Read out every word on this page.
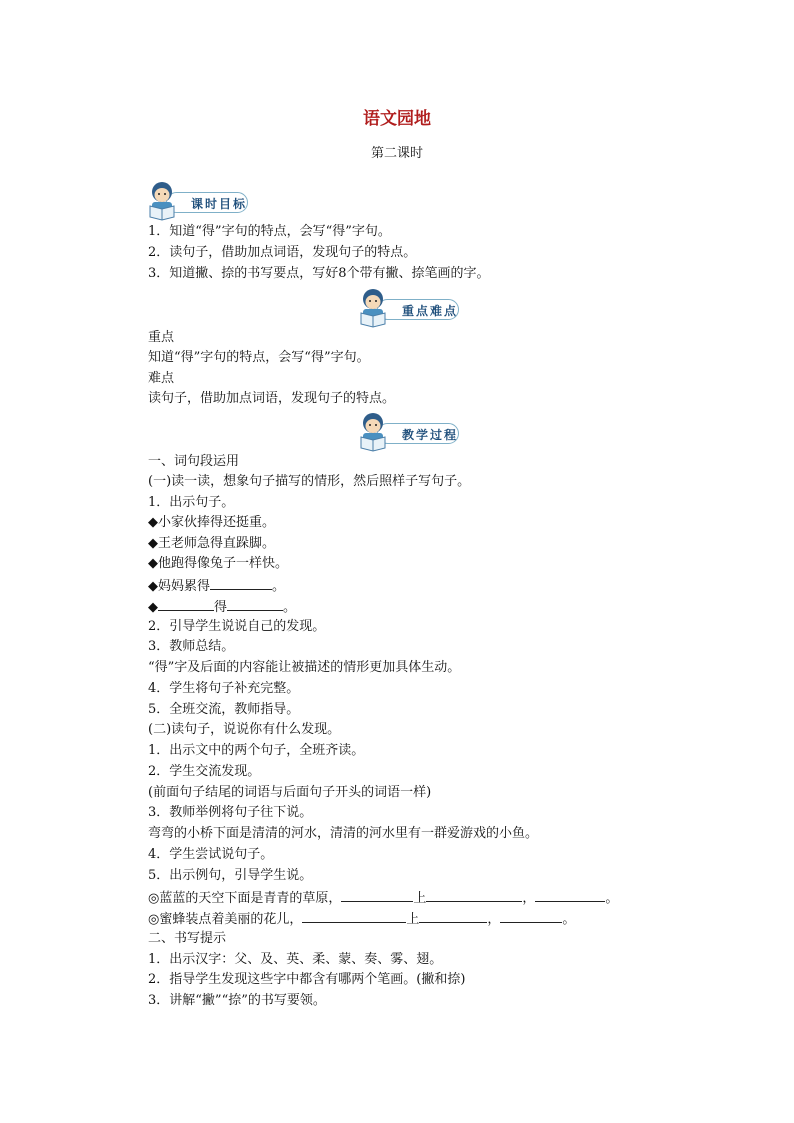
语文园地
第二课时
课时目标
1．知道“得”字句的特点，会写“得”字句。
2．读句子，借助加点词语，发现句子的特点。
3．知道撇、捺的书写要点，写好8个带有撇、捺笔画的字。
重点难点
重点
知道“得”字句的特点，会写“得”字句。
难点
读句子，借助加点词语，发现句子的特点。
教学过程
一、词句段运用
(一)读一读，想象句子描写的情形，然后照样子写句子。
1．出示句子。
◆小家伙捧得还挺重。
◆王老师急得直跺脚。
◆他跑得像兔子一样快。
◆妈妈累得	。
◆	得	。
2．引导学生说说自己的发现。
3．教师总结。
“得”字及后面的内容能让被描述的情形更加具体生动。
4．学生将句子补充完整。
5．全班交流，教师指导。
(二)读句子，说说你有什么发现。
1．出示文中的两个句子，全班齐读。
2．学生交流发现。
(前面句子结尾的词语与后面句子开头的词语一样)
3．教师举例将句子往下说。
弯弯的小桥下面是清清的河水，清清的河水里有一群爱游戏的小鱼。
4．学生尝试说句子。
5．出示例句，引导学生说。
◎蓝蓝的天空下面是青青的草原，	上	，	。
◎蜜蜂装点着美丽的花儿，	上	，	。
二、书写提示
1．出示汉字：父、及、英、柔、蒙、奏、雾、翅。
2．指导学生发现这些字中都含有哪两个笔画。(撇和捺)
3．讲解“撇”“捺”的书写要领。
